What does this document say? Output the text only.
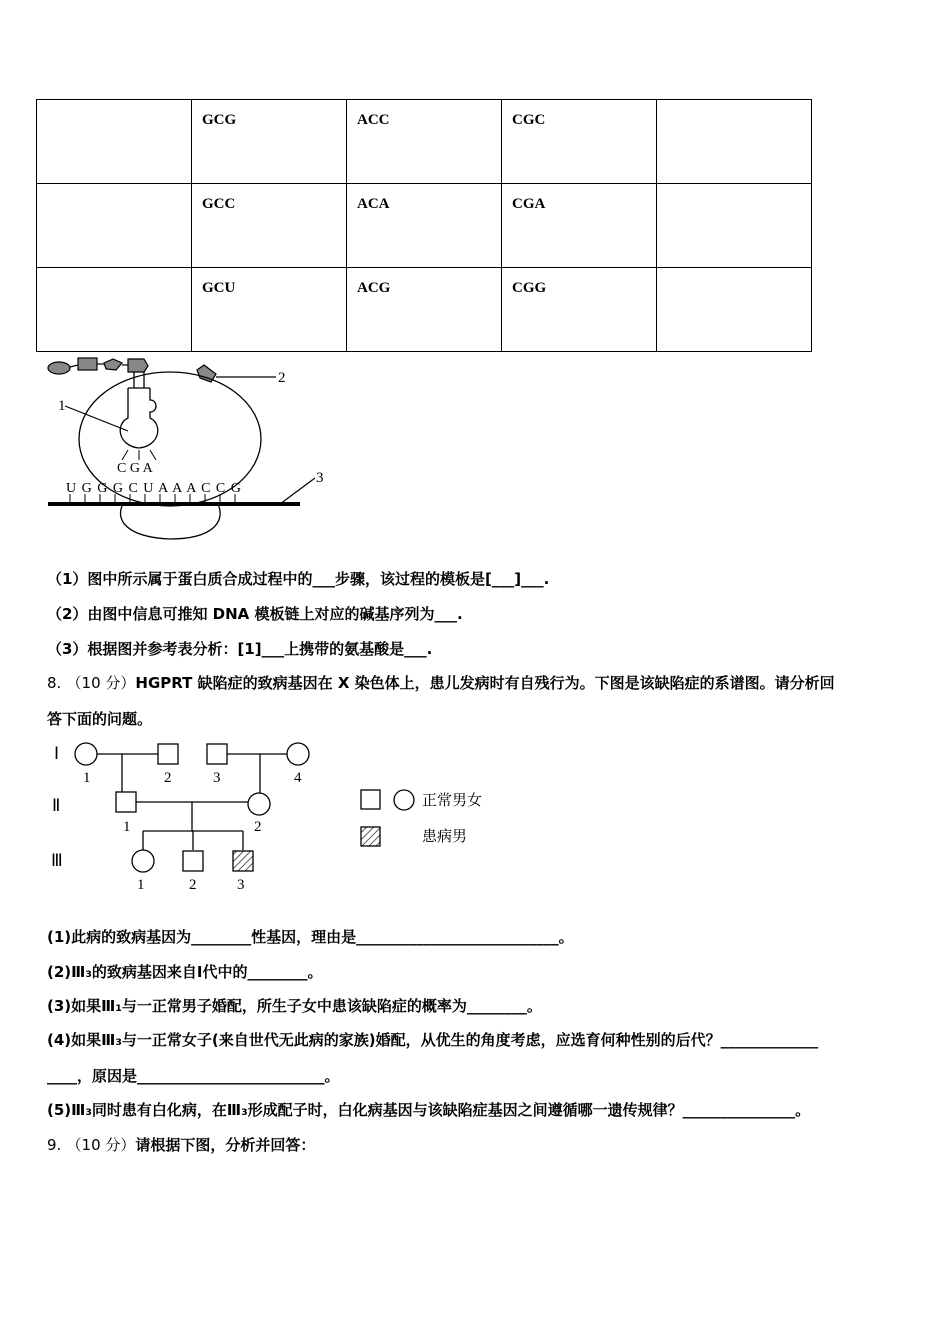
	GCG	ACC	CGC	
	GCC	ACA	CGA	
	GCU	ACG	CGG	
2
1
C G A
U G G G C U A A A C C G
3
（1）图中所示属于蛋白质合成过程中的___步骤，该过程的模板是[___]___.
（2）由图中信息可推知 DNA 模板链上对应的碱基序列为___.
（3）根据图并参考表分析：[1]___上携带的氨基酸是___.
8. （10 分）HGPRT 缺陷症的致病基因在 X 染色体上，患儿发病时有自残行为。下图是该缺陷症的系谱图。请分析回
答下面的问题。
Ⅰ
Ⅱ
Ⅲ
1	2	3	4
1	2
1	2	3
正常男女
患病男
(1)此病的致病基因为________性基因，理由是___________________________。
(2)Ⅲ₃的致病基因来自Ⅰ代中的________。
(3)如果Ⅲ₁与一正常男子婚配，所生子女中患该缺陷症的概率为________。
(4)如果Ⅲ₃与一正常女子(来自世代无此病的家族)婚配，从优生的角度考虑，应选育何种性别的后代？_____________
____，原因是_________________________。
(5)Ⅲ₃同时患有白化病，在Ⅲ₃形成配子时，白化病基因与该缺陷症基因之间遵循哪一遗传规律？_______________。
9. （10 分）请根据下图，分析并回答：
